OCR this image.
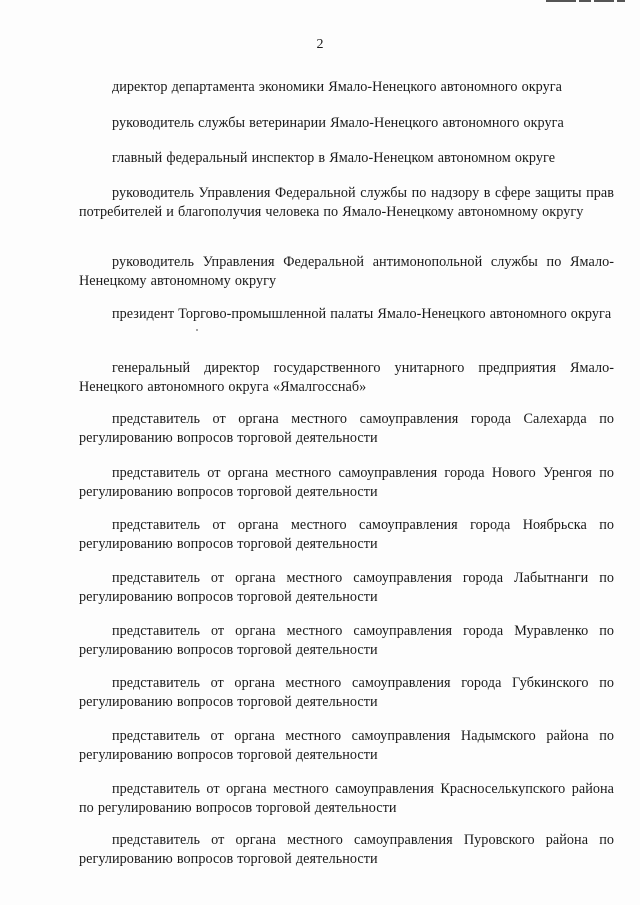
2

директор департамента экономики Ямало-Ненецкого автономного округа

руководитель службы ветеринарии Ямало-Ненецкого автономного округа

главный федеральный инспектор в Ямало-Ненецком автономном округе

руководитель Управления Федеральной службы по надзору в сфере защиты прав потребителей и благополучия человека по Ямало-Ненецкому автономному округу

руководитель Управления Федеральной антимонопольной службы по Ямало-Ненецкому автономному округу

президент Торгово-промышленной палаты Ямало-Ненецкого автономного округа

генеральный директор государственного унитарного предприятия Ямало-Ненецкого автономного округа «Ямалгосснаб»

представитель от органа местного самоуправления города Салехарда по регулированию вопросов торговой деятельности

представитель от органа местного самоуправления города Нового Уренгоя по регулированию вопросов торговой деятельности

представитель от органа местного самоуправления города Ноябрьска по регулированию вопросов торговой деятельности

представитель от органа местного самоуправления города Лабытнанги по регулированию вопросов торговой деятельности

представитель от органа местного самоуправления города Муравленко по регулированию вопросов торговой деятельности

представитель от органа местного самоуправления города Губкинского по регулированию вопросов торговой деятельности

представитель от органа местного самоуправления Надымского района по регулированию вопросов торговой деятельности

представитель от органа местного самоуправления Красноселькупского района по регулированию вопросов торговой деятельности

представитель от органа местного самоуправления Пуровского района по регулированию вопросов торговой деятельности
